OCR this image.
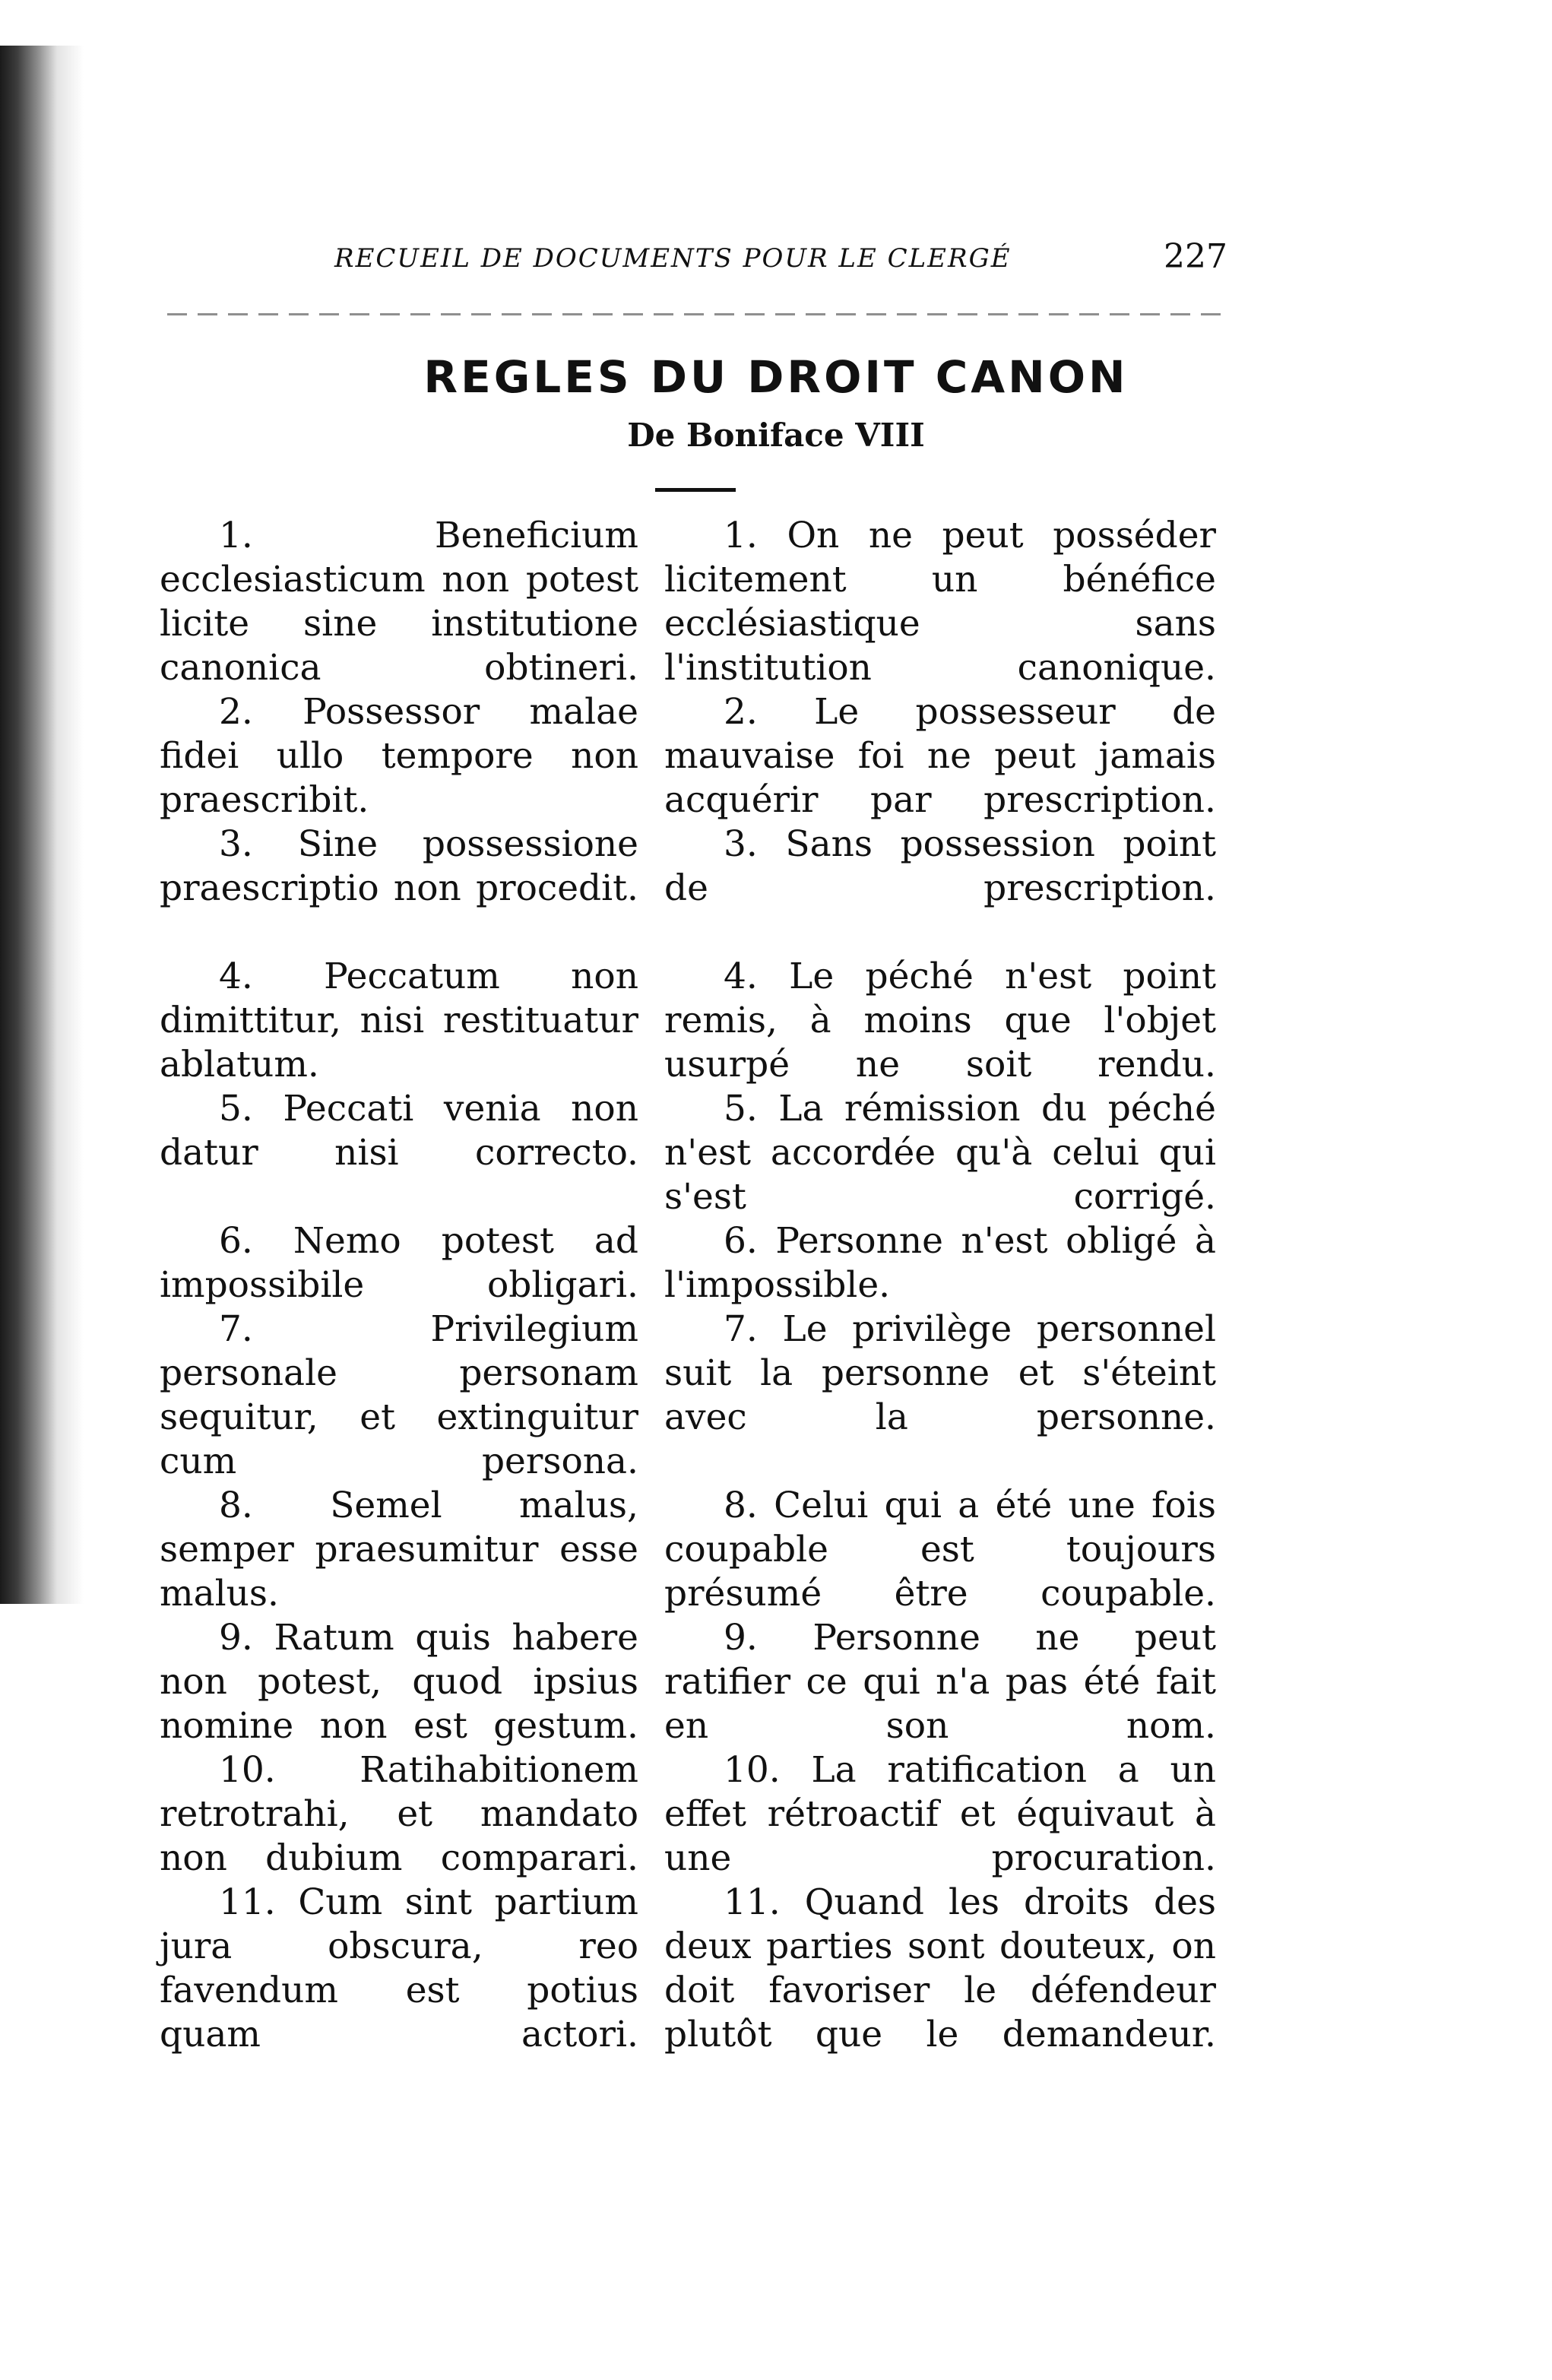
RECUEIL DE DOCUMENTS POUR LE CLERGÉ	227
REGLES DU DROIT CANON
De Boniface VIII

1. Beneficium ecclesiasticum non potest licite sine institutione canonica obtineri.

1. On ne peut posséder licitement un bénéfice ecclésiastique sans l'institution canonique.

2. Possessor malae fidei ullo tempore non praescribit.

2. Le possesseur de mauvaise foi ne peut jamais acquérir par prescription.

3. Sine possessione praescriptio non procedit.

3. Sans possession point de prescription.

4. Peccatum non dimittitur, nisi restituatur ablatum.

4. Le péché n'est point remis, à moins que l'objet usurpé ne soit rendu.

5. Peccati venia non datur nisi correcto.

5. La rémission du péché n'est accordée qu'à celui qui s'est corrigé.

6. Nemo potest ad impossibile obligari.

6. Personne n'est obligé à l'impossible.

7. Privilegium personale personam sequitur, et extinguitur cum persona.

7. Le privilège personnel suit la personne et s'éteint avec la personne.

8. Semel malus, semper praesumitur esse malus.

8. Celui qui a été une fois coupable est toujours présumé être coupable.

9. Ratum quis habere non potest, quod ipsius nomine non est gestum.

9. Personne ne peut ratifier ce qui n'a pas été fait en son nom.

10. Ratihabitionem retrotrahi, et mandato non dubium comparari.

10. La ratification a un effet rétroactif et équivaut à une procuration.

11. Cum sint partium jura obscura, reo favendum est potius quam actori.

11. Quand les droits des deux parties sont douteux, on doit favoriser le défendeur plutôt que le demandeur.
